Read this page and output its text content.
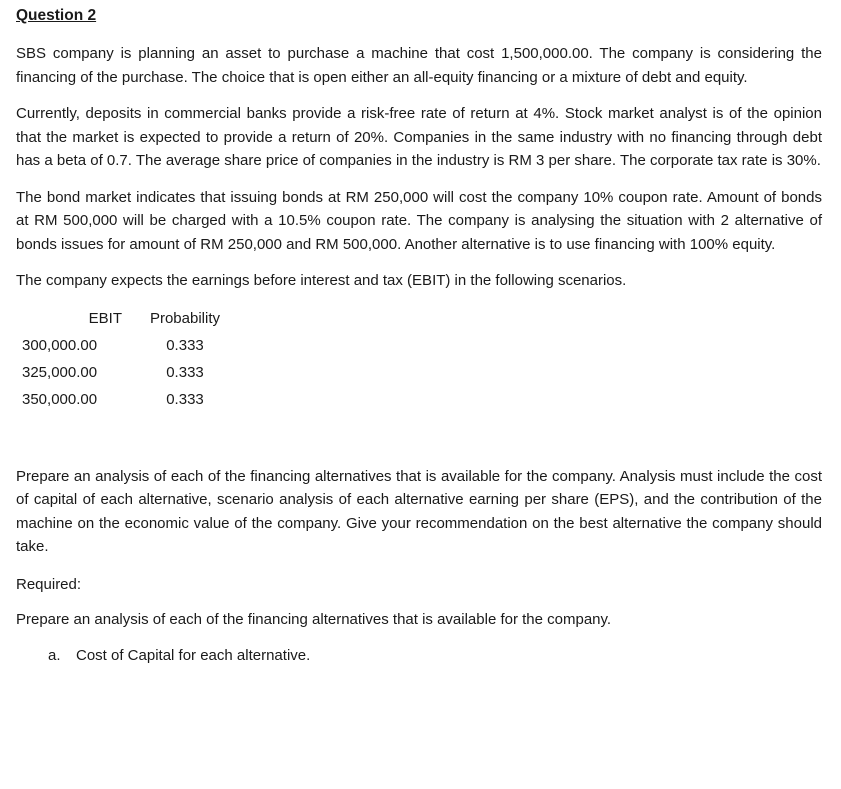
Question 2

SBS company is planning an asset to purchase a machine that cost 1,500,000.00. The company is considering the financing of the purchase. The choice that is open either an all-equity financing or a mixture of debt and equity.

Currently, deposits in commercial banks provide a risk-free rate of return at 4%. Stock market analyst is of the opinion that the market is expected to provide a return of 20%. Companies in the same industry with no financing through debt has a beta of 0.7. The average share price of companies in the industry is RM 3 per share. The corporate tax rate is 30%.

The bond market indicates that issuing bonds at RM 250,000 will cost the company 10% coupon rate. Amount of bonds at RM 500,000 will be charged with a 10.5% coupon rate. The company is analysing the situation with 2 alternative of bonds issues for amount of RM 250,000 and RM 500,000. Another alternative is to use financing with 100% equity.

The company expects the earnings before interest and tax (EBIT) in the following scenarios.

EBIT	Probability
300,000.00	0.333
325,000.00	0.333
350,000.00	0.333

Prepare an analysis of each of the financing alternatives that is available for the company. Analysis must include the cost of capital of each alternative, scenario analysis of each alternative earning per share (EPS), and the contribution of the machine on the economic value of the company. Give your recommendation on the best alternative the company should take.

Required:

Prepare an analysis of each of the financing alternatives that is available for the company.

a. Cost of Capital for each alternative.
